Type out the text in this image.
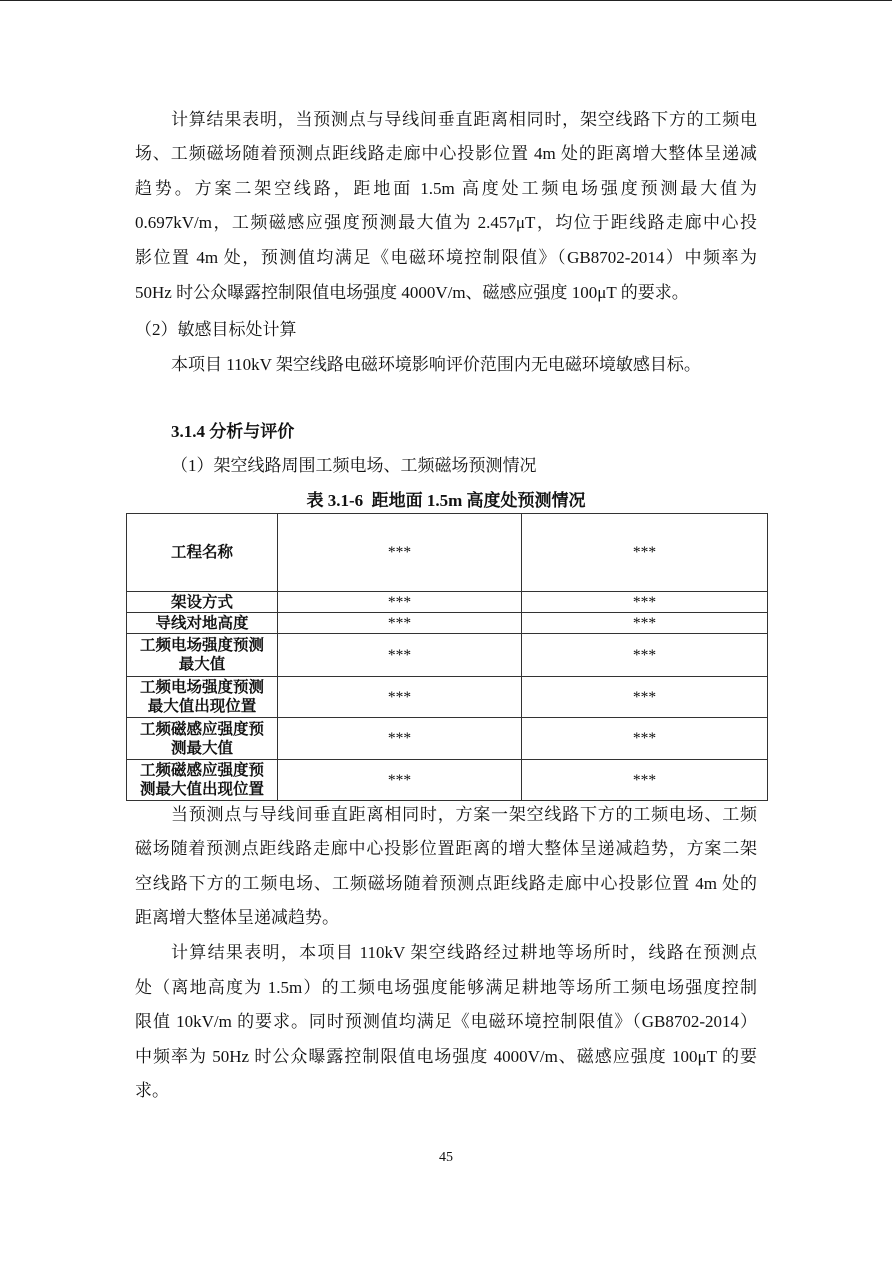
计算结果表明，当预测点与导线间垂直距离相同时，架空线路下方的工频电
场、工频磁场随着预测点距线路走廊中心投影位置 4m 处的距离增大整体呈递减
趋势。方案二架空线路，距地面 1.5m 高度处工频电场强度预测最大值为
0.697kV/m，工频磁感应强度预测最大值为 2.457μT，均位于距线路走廊中心投
影位置 4m 处，预测值均满足《电磁环境控制限值》（GB8702-2014）中频率为
50Hz 时公众曝露控制限值电场强度 4000V/m、磁感应强度 100μT 的要求。
（2）敏感目标处计算
本项目 110kV 架空线路电磁环境影响评价范围内无电磁环境敏感目标。
3.1.4 分析与评价
（1）架空线路周围工频电场、工频磁场预测情况
表 3.1-6  距地面 1.5m 高度处预测情况
工程名称	***	***
架设方式	***	***
导线对地高度	***	***
工频电场强度预测最大值	***	***
工频电场强度预测最大值出现位置	***	***
工频磁感应强度预测最大值	***	***
工频磁感应强度预测最大值出现位置	***	***
当预测点与导线间垂直距离相同时，方案一架空线路下方的工频电场、工频
磁场随着预测点距线路走廊中心投影位置距离的增大整体呈递减趋势，方案二架
空线路下方的工频电场、工频磁场随着预测点距线路走廊中心投影位置 4m 处的
距离增大整体呈递减趋势。
计算结果表明，本项目 110kV 架空线路经过耕地等场所时，线路在预测点
处（离地高度为 1.5m）的工频电场强度能够满足耕地等场所工频电场强度控制
限值 10kV/m 的要求。同时预测值均满足《电磁环境控制限值》（GB8702-2014）
中频率为 50Hz 时公众曝露控制限值电场强度 4000V/m、磁感应强度 100μT 的要
求。
45
